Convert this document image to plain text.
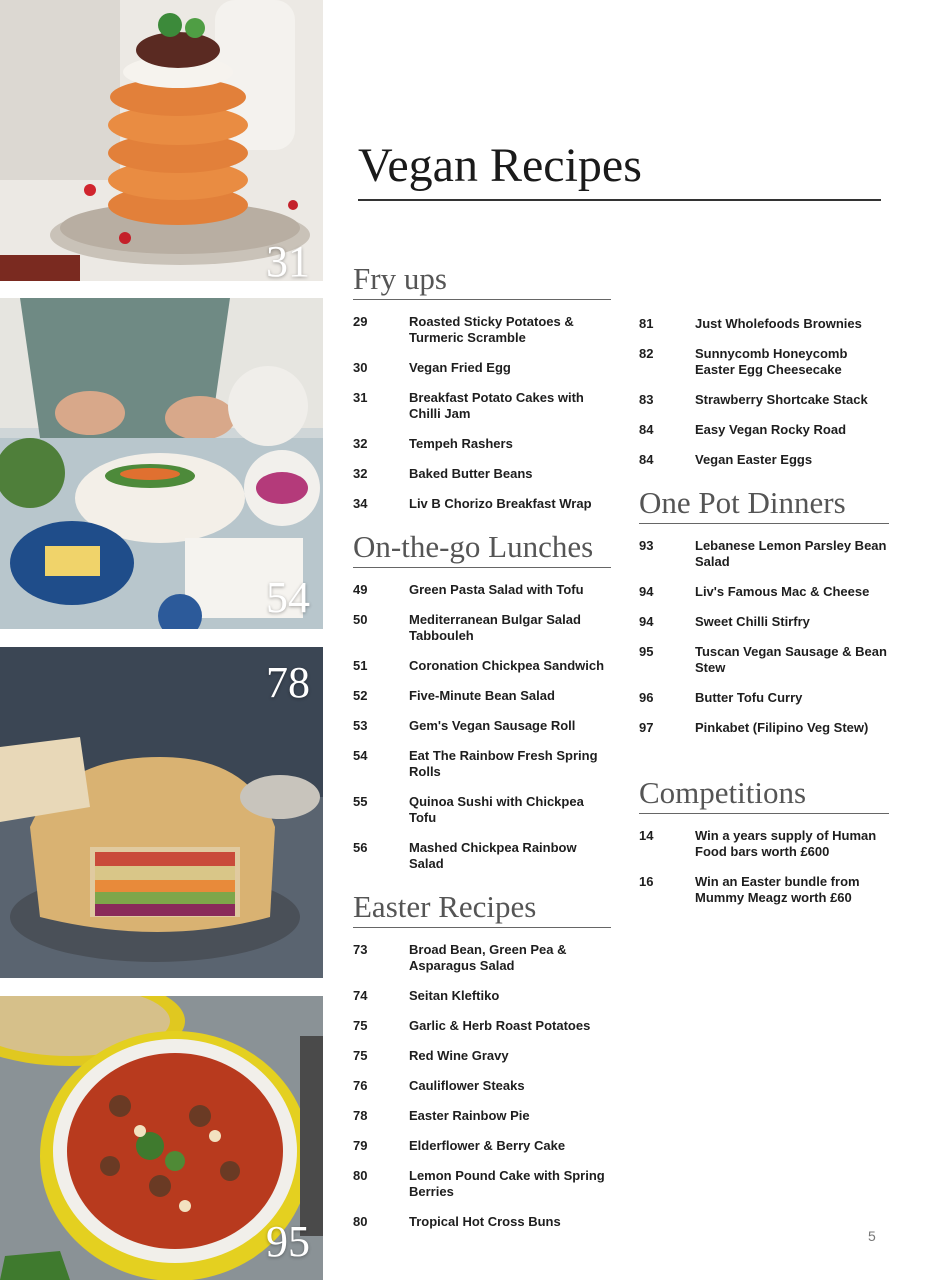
31
54
78
95
Vegan Recipes
Fry ups
29	Roasted Sticky Potatoes & Turmeric Scramble
30	Vegan Fried Egg
31	Breakfast Potato Cakes with Chilli Jam
32	Tempeh Rashers
32	Baked Butter Beans
34	Liv B Chorizo Breakfast Wrap
On-the-go Lunches
49	Green Pasta Salad with Tofu
50	Mediterranean Bulgar Salad Tabbouleh
51	Coronation Chickpea Sandwich
52	Five-Minute Bean Salad
53	Gem's Vegan Sausage Roll
54	Eat The Rainbow Fresh Spring Rolls
55	Quinoa Sushi with Chickpea Tofu
56	Mashed Chickpea Rainbow Salad
Easter Recipes
73	Broad Bean, Green Pea & Asparagus Salad
74	Seitan Kleftiko
75	Garlic & Herb Roast Potatoes
75	Red Wine Gravy
76	Cauliflower Steaks
78	Easter Rainbow Pie
79	Elderflower & Berry Cake
80	Lemon Pound Cake with Spring Berries
80	Tropical Hot Cross Buns
81	Just Wholefoods Brownies
82	Sunnycomb Honeycomb Easter Egg Cheesecake
83	Strawberry Shortcake Stack
84	Easy Vegan Rocky Road
84	Vegan Easter Eggs
One Pot Dinners
93	Lebanese Lemon Parsley Bean Salad
94	Liv's Famous Mac & Cheese
94	Sweet Chilli Stirfry
95	Tuscan Vegan Sausage & Bean Stew
96	Butter Tofu Curry
97	Pinkabet (Filipino Veg Stew)
Competitions
14	Win a years supply of Human Food bars worth £600
16	Win an Easter bundle from Mummy Meagz worth £60
5
